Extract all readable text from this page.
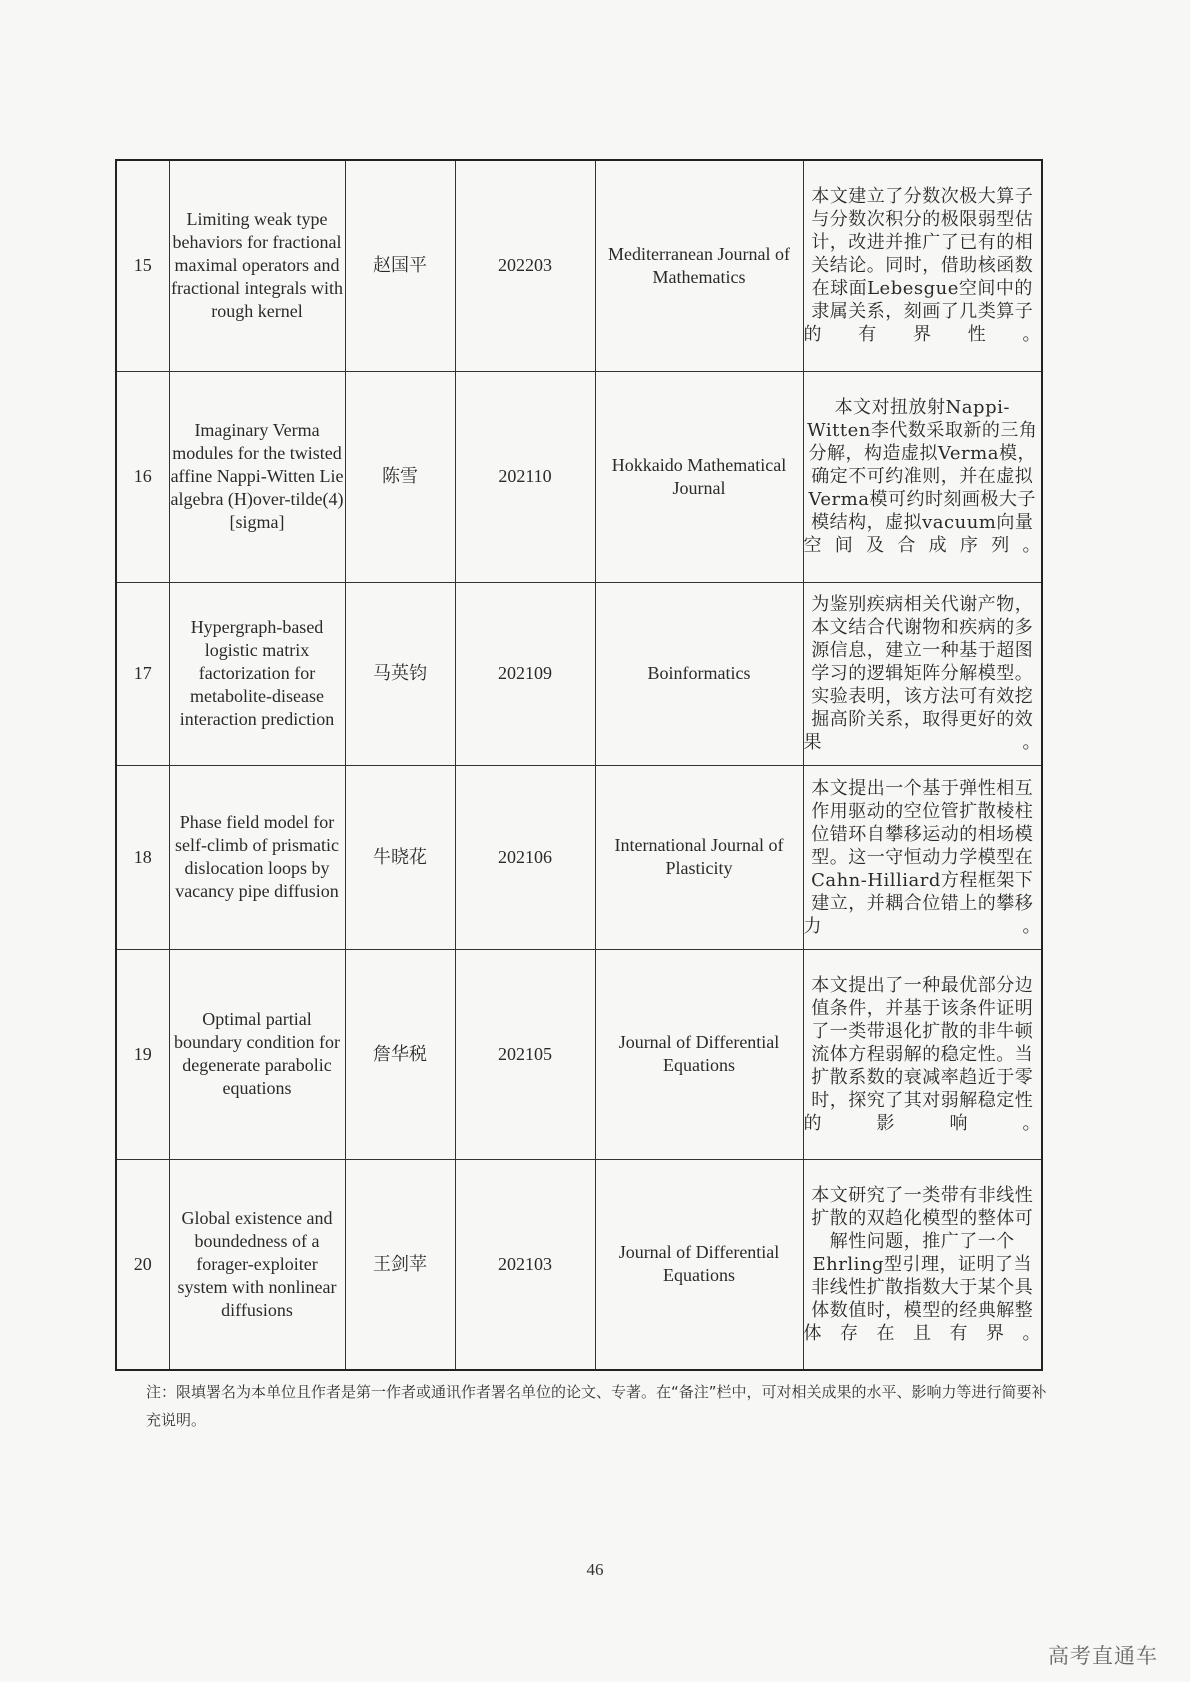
15	Limiting weak type behaviors for fractional maximal operators and fractional integrals with rough kernel	赵国平	202203	Mediterranean Journal of Mathematics	本文建立了分数次极大算子与分数次积分的极限弱型估计，改进并推广了已有的相关结论。同时，借助核函数在球面Lebesgue空间中的隶属关系，刻画了几类算子的有界性。
16	Imaginary Verma modules for the twisted affine Nappi-Witten Lie algebra (H)over-tilde(4)[sigma]	陈雪	202110	Hokkaido Mathematical Journal	本文对扭放射Nappi-Witten李代数采取新的三角分解，构造虚拟Verma模，确定不可约准则，并在虚拟Verma模可约时刻画极大子模结构，虚拟vacuum向量空间及合成序列。
17	Hypergraph-based logistic matrix factorization for metabolite-disease interaction prediction	马英钧	202109	Boinformatics	为鉴别疾病相关代谢产物，本文结合代谢物和疾病的多源信息，建立一种基于超图学习的逻辑矩阵分解模型。实验表明，该方法可有效挖掘高阶关系，取得更好的效果。
18	Phase field model for self-climb of prismatic dislocation loops by vacancy pipe diffusion	牛晓花	202106	International Journal of Plasticity	本文提出一个基于弹性相互作用驱动的空位管扩散棱柱位错环自攀移运动的相场模型。这一守恒动力学模型在Cahn-Hilliard方程框架下建立，并耦合位错上的攀移力。
19	Optimal partial boundary condition for degenerate parabolic equations	詹华税	202105	Journal of Differential Equations	本文提出了一种最优部分边值条件，并基于该条件证明了一类带退化扩散的非牛顿流体方程弱解的稳定性。当扩散系数的衰减率趋近于零时，探究了其对弱解稳定性的影响。
20	Global existence and boundedness of a forager-exploiter system with nonlinear diffusions	王剑苹	202103	Journal of Differential Equations	本文研究了一类带有非线性扩散的双趋化模型的整体可解性问题，推广了一个Ehrling型引理，证明了当非线性扩散指数大于某个具体数值时，模型的经典解整体存在且有界。
注：限填署名为本单位且作者是第一作者或通讯作者署名单位的论文、专著。在“备注”栏中，可对相关成果的水平、影响力等进行简要补充说明。
46
高考直通车
